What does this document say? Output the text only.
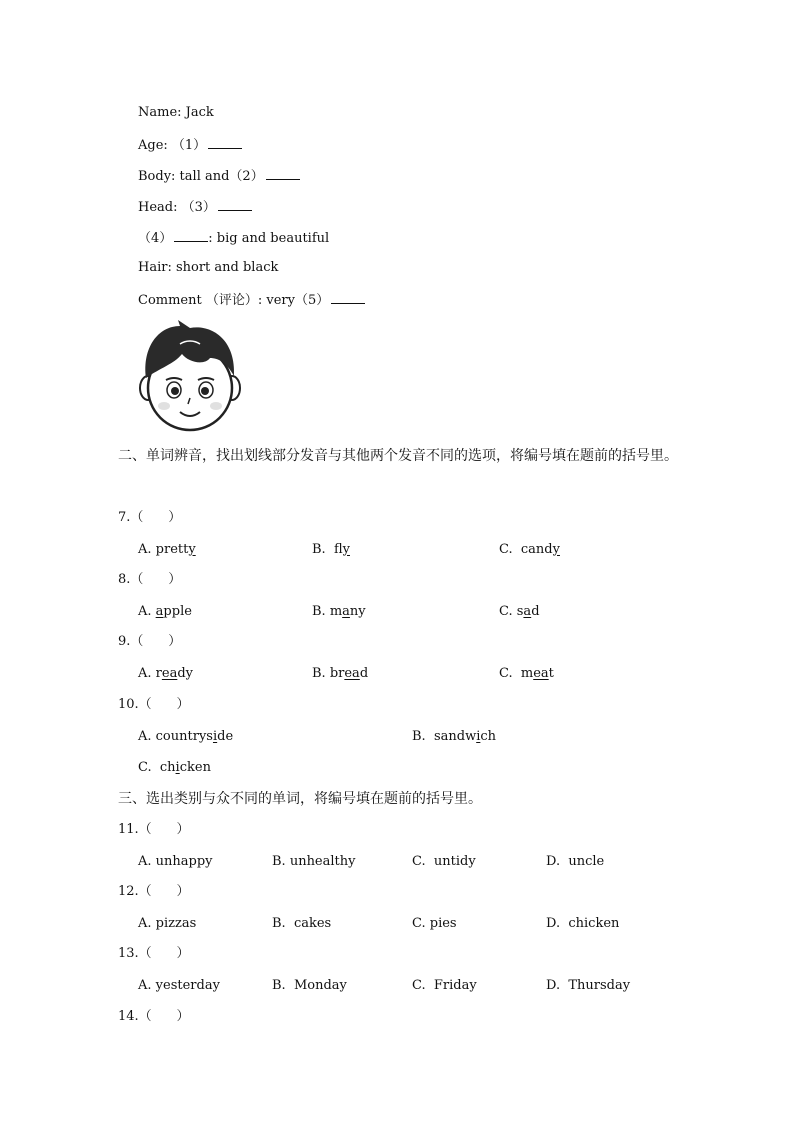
Name: Jack
Age: （1）
Body: tall and（2）
Head: （3）
（4）	: big and beautiful
Hair: short and black
Comment （评论）: very（5）
二、单词辨音，找出划线部分发音与其他两个发音不同的选项，将编号填在题前的括号里。
7.（      ）
A. pretty	B.  fly	C.  candy
8.（      ）
A. apple	B. many	C. sad
9.（      ）
A. ready	B. bread	C.  meat
10.（      ）
A. countryside	B.  sandwich
C.  chicken
三、选出类别与众不同的单词，将编号填在题前的括号里。
11.（      ）
A. unhappy	B. unhealthy	C.  untidy	D.  uncle
12.（      ）
A. pizzas	B.  cakes	C. pies	D.  chicken
13.（      ）
A. yesterday	B.  Monday	C.  Friday	D.  Thursday
14.（      ）
